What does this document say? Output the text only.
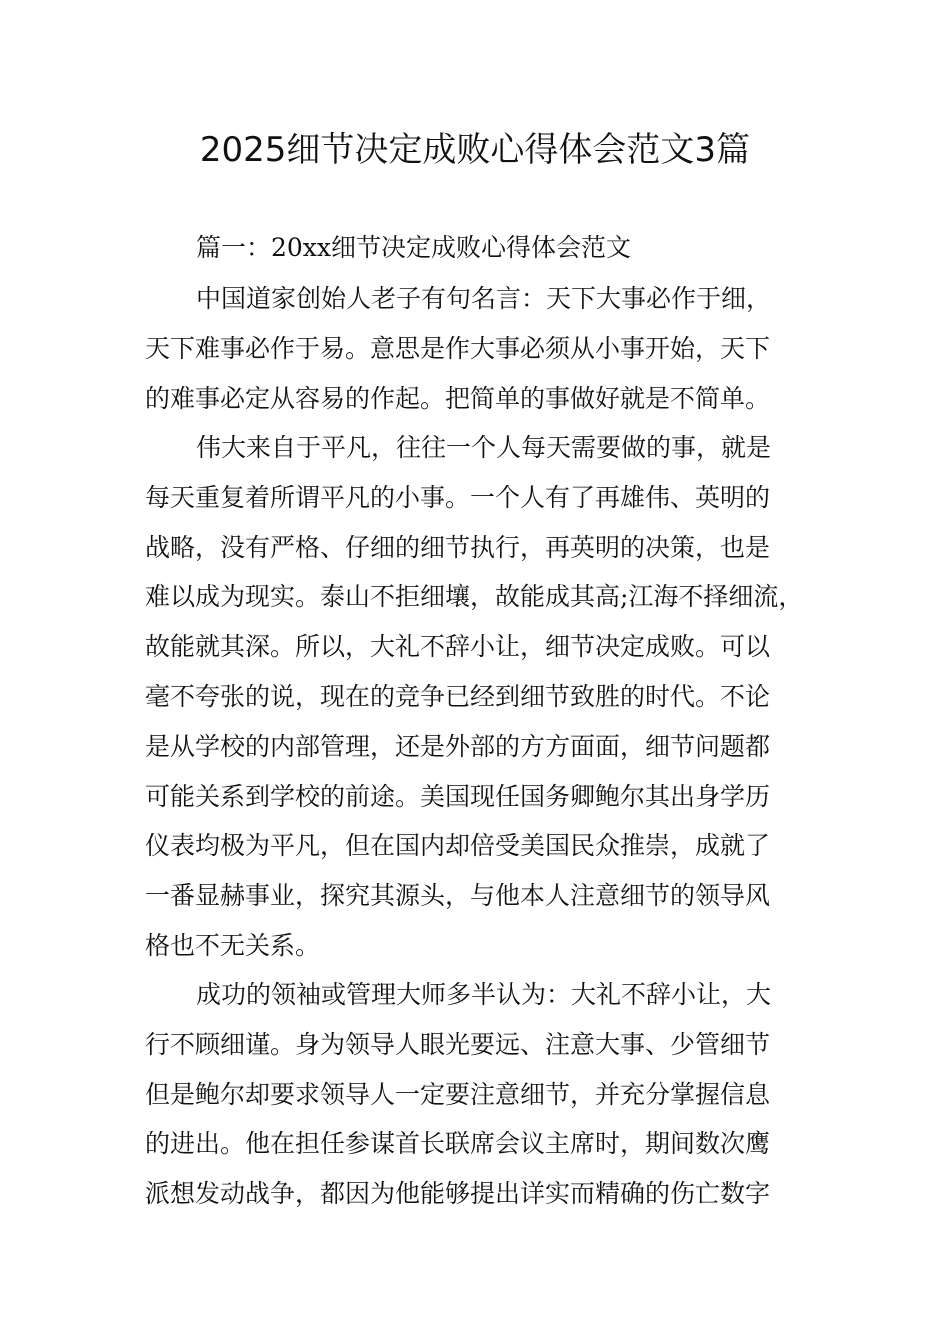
2025细节决定成败心得体会范文3篇
篇一：20xx细节决定成败心得体会范文
中国道家创始人老子有句名言：天下大事必作于细，
天下难事必作于易。意思是作大事必须从小事开始，天下
的难事必定从容易的作起。把简单的事做好就是不简单。
伟大来自于平凡，往往一个人每天需要做的事，就是
每天重复着所谓平凡的小事。一个人有了再雄伟、英明的
战略，没有严格、仔细的细节执行，再英明的决策，也是
难以成为现实。泰山不拒细壤，故能成其高;江海不择细流，
故能就其深。所以，大礼不辞小让，细节决定成败。可以
毫不夸张的说，现在的竞争已经到细节致胜的时代。不论
是从学校的内部管理，还是外部的方方面面，细节问题都
可能关系到学校的前途。美国现任国务卿鲍尔其出身学历
仪表均极为平凡，但在国内却倍受美国民众推崇，成就了
一番显赫事业，探究其源头，与他本人注意细节的领导风
格也不无关系。
成功的领袖或管理大师多半认为：大礼不辞小让，大
行不顾细谨。身为领导人眼光要远、注意大事、少管细节
但是鲍尔却要求领导人一定要注意细节，并充分掌握信息
的进出。他在担任参谋首长联席会议主席时，期间数次鹰
派想发动战争，都因为他能够提出详实而精确的伤亡数字
